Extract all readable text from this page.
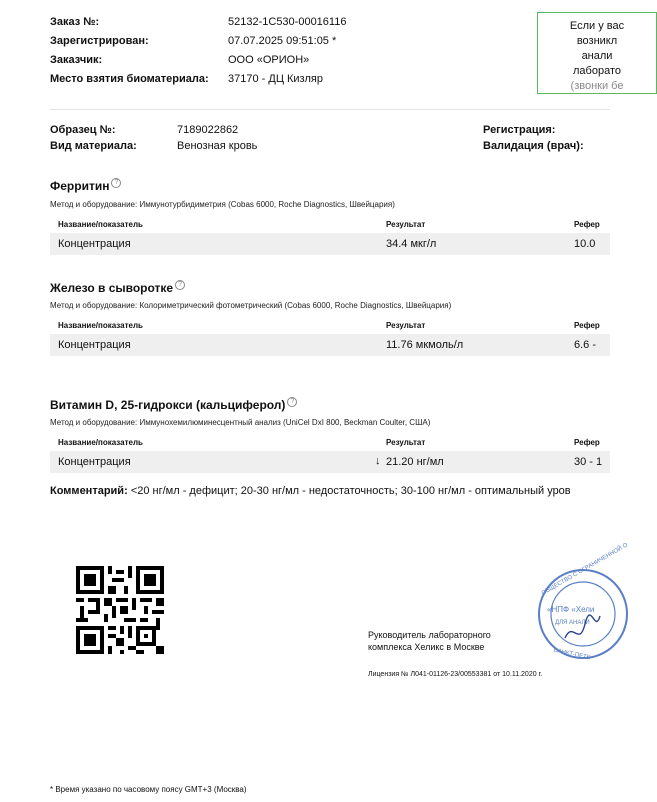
Заказ №:	52132-1С530-00016116
Зарегистрирован:	07.07.2025 09:51:05 *
Заказчик:	ООО «ОРИОН»
Место взятия биоматериала: 37170 - ДЦ Кизляр
Если у вас
возникл
анали
лаборато
(звонки бе
Образец №:	7189022862
Вид материала:	Венозная кровь
Регистрация:
Валидация (врач):
Ферритин ?
Метод и оборудование: Иммунотурбидиметрия (Cobas 6000, Roche Diagnostics, Швейцария)
Название/показатель	Результат	Рефер
Концентрация	34.4 мкг/л	10.0
Железо в сыворотке ?
Метод и оборудование: Колориметрический фотометрический (Cobas 6000, Roche Diagnostics, Швейцария)
Название/показатель	Результат	Рефер
Концентрация	11.76 мкмоль/л	6.6 -
Витамин D, 25-гидрокси (кальциферол) ?
Метод и оборудование: Иммунохемилюминесцентный анализ (UniCel DxI 800, Beckman Coulter, США)
Название/показатель	Результат	Рефер
Концентрация	↓ 21.20 нг/мл	30 - 1
Комментарий: <20 нг/мл - дефицит; 20-30 нг/мл - недостаточность; 30-100 нг/мл - оптимальный уров
Руководитель лабораторного
комплекса Хеликс в Москве
Лицензия № Л041-01126-23/00553381 от 10.11.2020 г.
ОБЩЕСТВО С ОГРАНИЧЕННОЙ О
«НПФ «Хели
ДЛЯ АНАЛИ
САНКТ-ПЕТЕ
* Время указано по часовому поясу GMT+3 (Москва)
